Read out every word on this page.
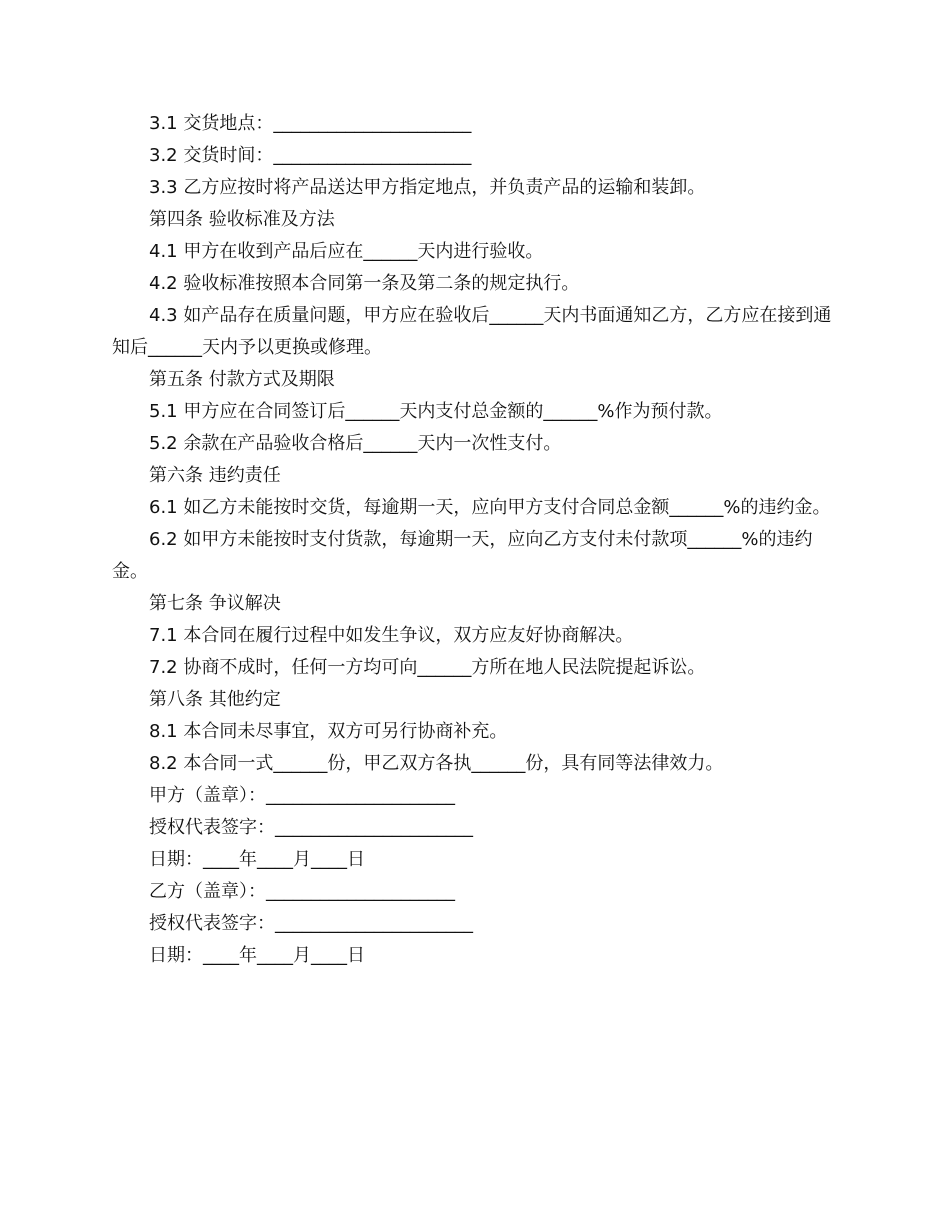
3.1 交货地点：______________________

3.2 交货时间：______________________

3.3 乙方应按时将产品送达甲方指定地点，并负责产品的运输和装卸。

第四条 验收标准及方法

4.1 甲方在收到产品后应在______天内进行验收。

4.2 验收标准按照本合同第一条及第二条的规定执行。

4.3 如产品存在质量问题，甲方应在验收后______天内书面通知乙方，乙方应在接到通知后______天内予以更换或修理。

第五条 付款方式及期限

5.1 甲方应在合同签订后______天内支付总金额的______%作为预付款。

5.2 余款在产品验收合格后______天内一次性支付。

第六条 违约责任

6.1 如乙方未能按时交货，每逾期一天，应向甲方支付合同总金额______%的违约金。

6.2 如甲方未能按时支付货款，每逾期一天，应向乙方支付未付款项______%的违约金。

第七条 争议解决

7.1 本合同在履行过程中如发生争议，双方应友好协商解决。

7.2 协商不成时，任何一方均可向______方所在地人民法院提起诉讼。

第八条 其他约定

8.1 本合同未尽事宜，双方可另行协商补充。

8.2 本合同一式______份，甲乙双方各执______份，具有同等法律效力。

甲方（盖章）：_____________________

授权代表签字：______________________

日期：____年____月____日

乙方（盖章）：_____________________

授权代表签字：______________________

日期：____年____月____日
